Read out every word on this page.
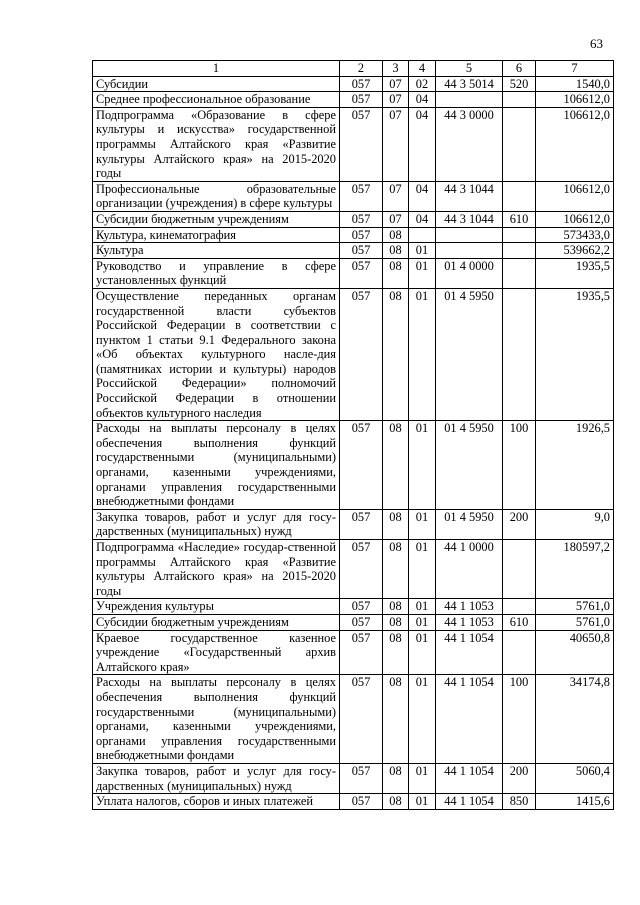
63
1	2	3	4	5	6	7
Субсидии	057	07	02	44 3 5014	520	1540,0
Среднее профессиональное образование	057	07	04			106612,0
Подпрограмма «Образование в сфере культуры и искусства» государственной программы Алтайского края «Развитие культуры Алтайского края» на 2015-2020 годы	057	07	04	44 3 0000		106612,0
Профессиональные образовательные организации (учреждения) в сфере культуры	057	07	04	44 3 1044		106612,0
Субсидии бюджетным учреждениям	057	07	04	44 3 1044	610	106612,0
Культура, кинематография	057	08				573433,0
Культура	057	08	01			539662,2
Руководство и управление в сфере установленных функций	057	08	01	01 4 0000		1935,5
Осуществление переданных органам государственной власти субъектов Российской Федерации в соответствии с пунктом 1 статьи 9.1 Федерального закона «Об объектах культурного насле-дия (памятниках истории и культуры) народов Российской Федерации» полномочий Российской Федерации в отношении объектов культурного наследия	057	08	01	01 4 5950		1935,5
Расходы на выплаты персоналу в целях обеспечения выполнения функций государственными (муниципальными) органами, казенными учреждениями, органами управления государственными внебюджетными фондами	057	08	01	01 4 5950	100	1926,5
Закупка товаров, работ и услуг для госу-дарственных (муниципальных) нужд	057	08	01	01 4 5950	200	9,0
Подпрограмма «Наследие» государ-ственной программы Алтайского края «Развитие культуры Алтайского края» на 2015-2020 годы	057	08	01	44 1 0000		180597,2
Учреждения культуры	057	08	01	44 1 1053		5761,0
Субсидии бюджетным учреждениям	057	08	01	44 1 1053	610	5761,0
Краевое государственное казенное учреждение «Государственный архив Алтайского края»	057	08	01	44 1 1054		40650,8
Расходы на выплаты персоналу в целях обеспечения выполнения функций государственными (муниципальными) органами, казенными учреждениями, органами управления государственными внебюджетными фондами	057	08	01	44 1 1054	100	34174,8
Закупка товаров, работ и услуг для госу-дарственных (муниципальных) нужд	057	08	01	44 1 1054	200	5060,4
Уплата налогов, сборов и иных платежей	057	08	01	44 1 1054	850	1415,6
